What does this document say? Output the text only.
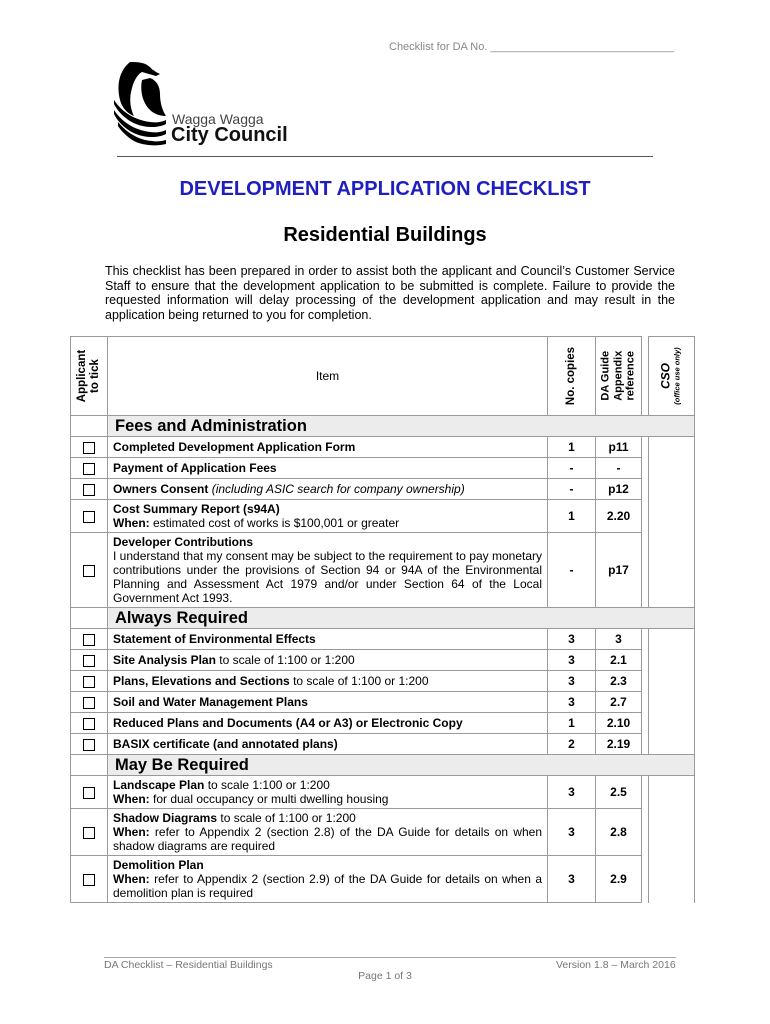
Checklist for DA No. ______________________________
Wagga Wagga
City Council
DEVELOPMENT APPLICATION CHECKLIST
Residential Buildings
This checklist has been prepared in order to assist both the applicant and Council’s Customer Service Staff to ensure that the development application to be submitted is complete. Failure to provide the requested information will delay processing of the development application and may result in the application being returned to you for completion.
Applicant to tick	Item	No. copies	DA Guide Appendix reference		CSO (office use only)

	Fees and Administration				

	Completed Development Application Form	1	p11		

	Payment of Application Fees	-	-		

	Owners Consent (including ASIC search for company ownership)	-	p12		

	Cost Summary Report (s94A)
When: estimated cost of works is $100,001 or greater	1	2.20		

	Developer Contributions
I understand that my consent may be subject to the requirement to pay monetary contributions under the provisions of Section 94 or 94A of the Environmental Planning and Assessment Act 1979 and/or under Section 64 of the Local Government Act 1993.	-	p17		
	Always Required				

	Statement of Environmental Effects	3	3		

	Site Analysis Plan to scale of 1:100 or 1:200	3	2.1		

	Plans, Elevations and Sections to scale of 1:100 or 1:200	3	2.3		

	Soil and Water Management Plans	3	2.7		

	Reduced Plans and Documents (A4 or A3) or Electronic Copy	1	2.10		

	BASIX certificate (and annotated plans)	2	2.19		
	May Be Required				

	Landscape Plan to scale 1:100 or 1:200
When: for dual occupancy or multi dwelling housing	3	2.5		

	Shadow Diagrams to scale of 1:100 or 1:200
When: refer to Appendix 2 (section 2.8) of the DA Guide for details on when shadow diagrams are required	3	2.8		

	Demolition Plan
When: refer to Appendix 2 (section 2.9) of the DA Guide for details on when a demolition plan is required	3	2.9		
DA Checklist – Residential Buildings	Version 1.8 – March 2016
Page 1 of 3
